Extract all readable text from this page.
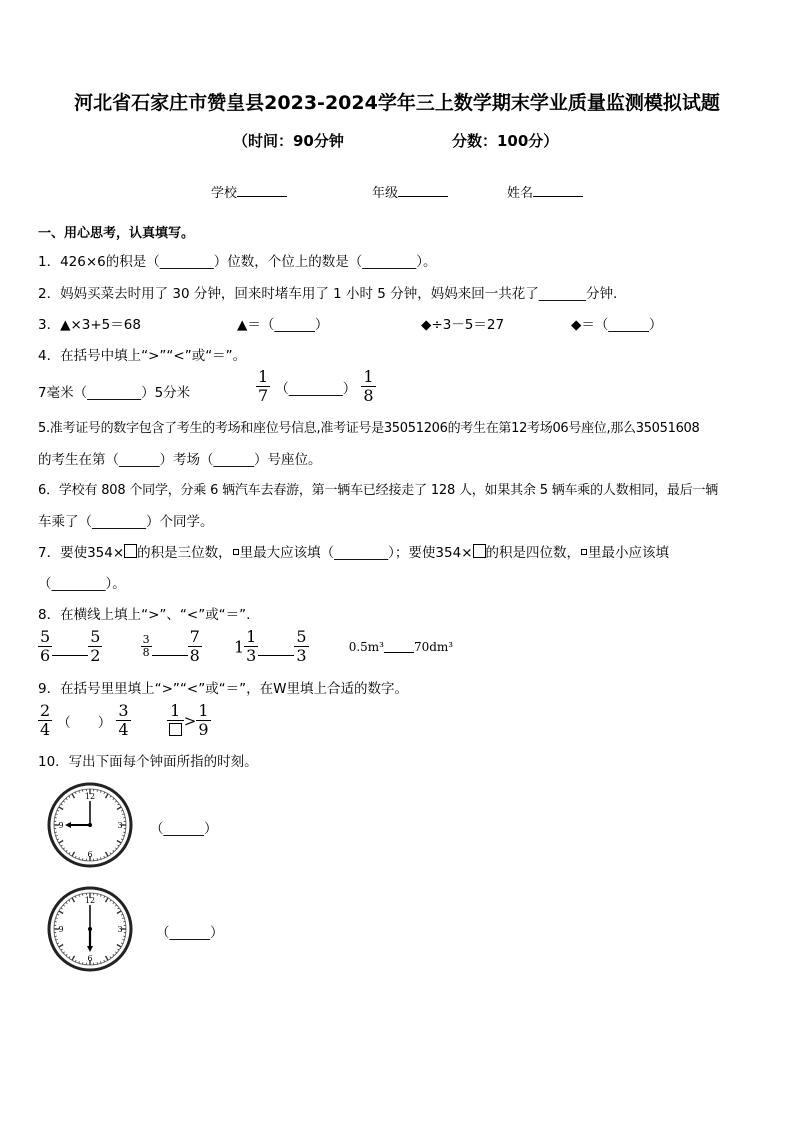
河北省石家庄市赞皇县2023-2024学年三上数学期末学业质量监测模拟试题
（时间：90分钟	分数：100分）
学校	年级	姓名
一、用心思考，认真填写。
1．426×6的积是（________）位数，个位上的数是（________）。
2．妈妈买菜去时用了 30 分钟，回来时堵车用了 1 小时 5 分钟，妈妈来回一共花了_______分钟.
3．▲×3+5＝68	▲＝（______）	◆÷3－5＝27	◆＝（______）
4．在括号中填上“>”“<”或“＝”。
7毫米（________）5分米	$\frac{1}{7}$ （________） $\frac{1}{8}$
5.准考证号的数字包含了考生的考场和座位号信息,准考证号是35051206的考生在第12考场06号座位,那么35051608
的考生在第（______）考场（______）号座位。
6．学校有 808 个同学，分乘 6 辆汽车去春游，第一辆车已经接走了 128 人，如果其余 5 辆车乘的人数相同，最后一辆
车乘了（________）个同学。
7．要使354× 的积是三位数， 里最大应该填（________）；要使354× 的积是四位数， 里最小应该填
（________）。
8．在横线上填上“>”、“<”或“＝”.
$\frac{5}{6} \frac{5}{2}$
	$\frac{3}{8} \frac{7}{8} 1 \frac{1}{3} \frac{5}{3}$	0.5m³	70dm³
9．在括号里里填上“>”“<”或“＝”，在W里填上合适的数字。
$\frac{2}{4}$ （　　） $\frac{3}{4}$
1
> $\frac{1}{9}$
10．写出下面每个钟面所指的时刻。
12
3
6
9	（______）
12
3
6
9	（______）
